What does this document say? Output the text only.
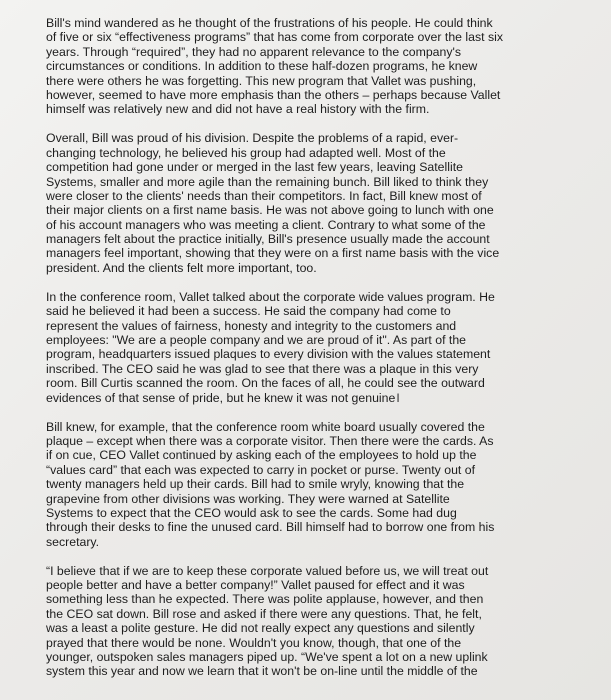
Bill's mind wandered as he thought of the frustrations of his people. He could think
of five or six “effectiveness programs” that has come from corporate over the last six
years. Through “required”, they had no apparent relevance to the company's
circumstances or conditions. In addition to these half-dozen programs, he knew
there were others he was forgetting. This new program that Vallet was pushing,
however, seemed to have more emphasis than the others – perhaps because Vallet
himself was relatively new and did not have a real history with the firm.
Overall, Bill was proud of his division. Despite the problems of a rapid, ever-
changing technology, he believed his group had adapted well. Most of the
competition had gone under or merged in the last few years, leaving Satellite
Systems, smaller and more agile than the remaining bunch. Bill liked to think they
were closer to the clients' needs than their competitors. In fact, Bill knew most of
their major clients on a first name basis. He was not above going to lunch with one
of his account managers who was meeting a client. Contrary to what some of the
managers felt about the practice initially, Bill's presence usually made the account
managers feel important, showing that they were on a first name basis with the vice
president. And the clients felt more important, too.
In the conference room, Vallet talked about the corporate wide values program. He
said he believed it had been a success. He said the company had come to
represent the values of fairness, honesty and integrity to the customers and
employees: "We are a people company and we are proud of it". As part of the
program, headquarters issued plaques to every division with the values statement
inscribed. The CEO said he was glad to see that there was a plaque in this very
room. Bill Curtis scanned the room. On the faces of all, he could see the outward
evidences of that sense of pride, but he knew it was not genuineI
Bill knew, for example, that the conference room white board usually covered the
plaque – except when there was a corporate visitor. Then there were the cards. As
if on cue, CEO Vallet continued by asking each of the employees to hold up the
“values card” that each was expected to carry in pocket or purse. Twenty out of
twenty managers held up their cards. Bill had to smile wryly, knowing that the
grapevine from other divisions was working. They were warned at Satellite
Systems to expect that the CEO would ask to see the cards. Some had dug
through their desks to fine the unused card. Bill himself had to borrow one from his
secretary.
“I believe that if we are to keep these corporate valued before us, we will treat out
people better and have a better company!” Vallet paused for effect and it was
something less than he expected. There was polite applause, however, and then
the CEO sat down. Bill rose and asked if there were any questions. That, he felt,
was a least a polite gesture. He did not really expect any questions and silently
prayed that there would be none. Wouldn't you know, though, that one of the
younger, outspoken sales managers piped up. “We've spent a lot on a new uplink
system this year and now we learn that it won't be on-line until the middle of the
